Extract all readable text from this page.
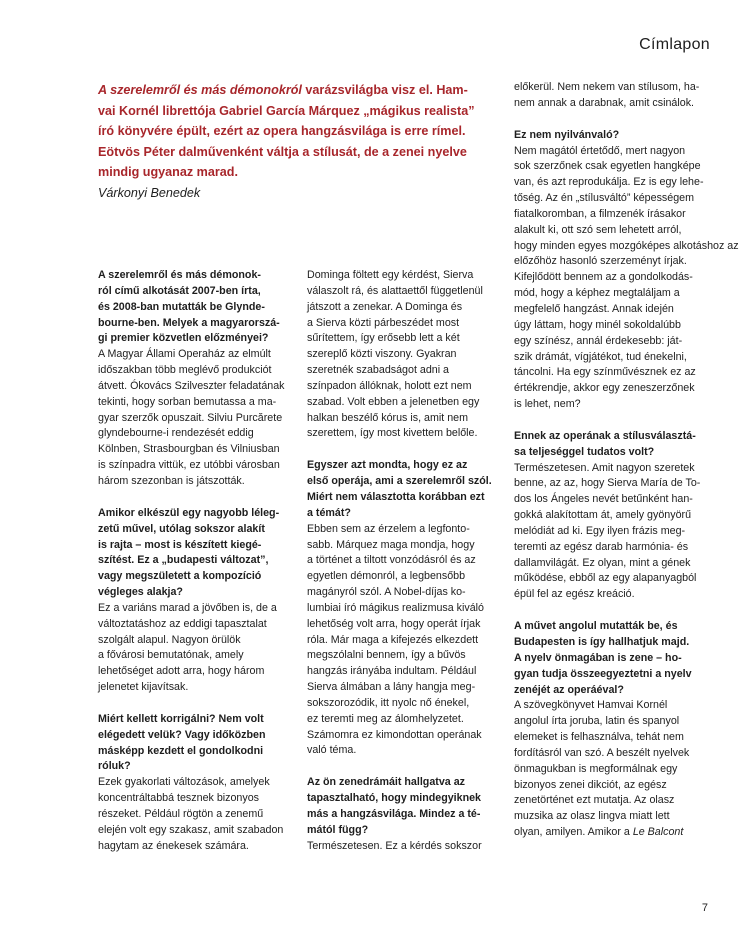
Címlapon
A szerelemről és más démonokról varázsvilágba visz el. Ham-
vai Kornél librettója Gabriel García Márquez „mágikus realista”
író könyvére épült, ezért az opera hangzásvilága is erre rímel.
Eötvös Péter dalművenként váltja a stílusát, de a zenei nyelve
mindig ugyanaz marad.
Várkonyi Benedek
A szerelemről és más démonok-
ról című alkotását 2007-ben írta,
és 2008-ban mutatták be Glynde-
bourne-ben. Melyek a magyarorszá-
gi premier közvetlen előzményei?
A Magyar Állami Operaház az elmúlt
időszakban több meglévő produkciót
átvett. Ókovács Szilveszter feladatának
tekinti, hogy sorban bemutassa a ma-
gyar szerzők opuszait. Silviu Purcărete
glyndebourne-i rendezését eddig
Kölnben, Strasbourgban és Vilniusban
is színpadra vittük, ez utóbbi városban
három szezonban is játszották.
Amikor elkészül egy nagyobb léleg-
zetű művel, utólag sokszor alakít
is rajta – most is készített kiegé-
szítést. Ez a „budapesti változat”,
vagy megszületett a kompozíció
végleges alakja?
Ez a variáns marad a jövőben is, de a
változtatáshoz az eddigi tapasztalat
szolgált alapul. Nagyon örülök
a fővárosi bemutatónak, amely
lehetőséget adott arra, hogy három
jelenetet kijavítsak.
Miért kellett korrigálni? Nem volt
elégedett velük? Vagy időközben
másképp kezdett el gondolkodni
róluk?
Ezek gyakorlati változások, amelyek
koncentráltabbá tesznek bizonyos
részeket. Például rögtön a zenemű
elején volt egy szakasz, amit szabadon
hagytam az énekesek számára.
Dominga föltett egy kérdést, Sierva
válaszolt rá, és alattaettől függetlenül
játszott a zenekar. A Dominga és
a Sierva közti párbeszédet most
sűrítettem, így erősebb lett a két
szereplő közti viszony. Gyakran
szeretnék szabadságot adni a
színpadon állóknak, holott ezt nem
szabad. Volt ebben a jelenetben egy
halkan beszélő kórus is, amit nem
szerettem, így most kivettem belőle.
Egyszer azt mondta, hogy ez az
első operája, ami a szerelemről szól.
Miért nem választotta korábban ezt
a témát?
Ebben sem az érzelem a legfonto-
sabb. Márquez maga mondja, hogy
a történet a tiltott vonzódásról és az
egyetlen démonról, a legbensőbb
magányról szól. A Nobel-díjas ko-
lumbiai író mágikus realizmusa kiváló
lehetőség volt arra, hogy operát írjak
róla. Már maga a kifejezés elkezdett
megszólalni bennem, így a bűvös
hangzás irányába indultam. Például
Sierva álmában a lány hangja meg-
sokszorozódik, itt nyolc nő énekel,
ez teremti meg az álomhelyzetet.
Számomra ez kimondottan operának
való téma.
Az ön zenedrámáit hallgatva az
tapasztalható, hogy mindegyiknek
más a hangzásvilága. Mindez a té-
mától függ?
Természetesen. Ez a kérdés sokszor
előkerül. Nem nekem van stílusom, ha-
nem annak a darabnak, amit csinálok.
Ez nem nyilvánvaló?
Nem magától értetődő, mert nagyon
sok szerzőnek csak egyetlen hangképe
van, és azt reprodukálja. Ez is egy lehe-
tőség. Az én „stílusváltó” képességem
fiatalkoromban, a filmzenék írásakor
alakult ki, ott szó sem lehetett arról,
hogy minden egyes mozgóképes alkotáshoz az
előzőhöz hasonló szerzeményt írjak.
Kifejlődött bennem az a gondolkodás-
mód, hogy a képhez megtaláljam a
megfelelő hangzást. Annak idején
úgy láttam, hogy minél sokoldalúbb
egy színész, annál érdekesebb: ját-
szik drámát, vígjátékot, tud énekelni,
táncolni. Ha egy színművésznek ez az
értékrendje, akkor egy zeneszerzőnek
is lehet, nem?
Ennek az operának a stílusválasztá-
sa teljeséggel tudatos volt?
Természetesen. Amit nagyon szeretek
benne, az az, hogy Sierva María de To-
dos los Ángeles nevét betűnként han-
gokká alakítottam át, amely gyönyörű
melódiát ad ki. Egy ilyen frázis meg-
teremti az egész darab harmónia- és
dallamvilágát. Ez olyan, mint a gének
működése, ebből az egy alapanyagból
épül fel az egész kreáció.
A művet angolul mutatták be, és
Budapesten is így hallhatjuk majd.
A nyelv önmagában is zene – ho-
gyan tudja összeegyeztetni a nyelv
zenéjét az operáéval?
A szövegkönyvet Hamvai Kornél
angolul írta joruba, latin és spanyol
elemeket is felhasználva, tehát nem
fordításról van szó. A beszélt nyelvek
önmagukban is megformálnak egy
bizonyos zenei dikciót, az egész
zenetörténet ezt mutatja. Az olasz
muzsika az olasz lingva miatt lett
olyan, amilyen. Amikor a Le Balcont
7
